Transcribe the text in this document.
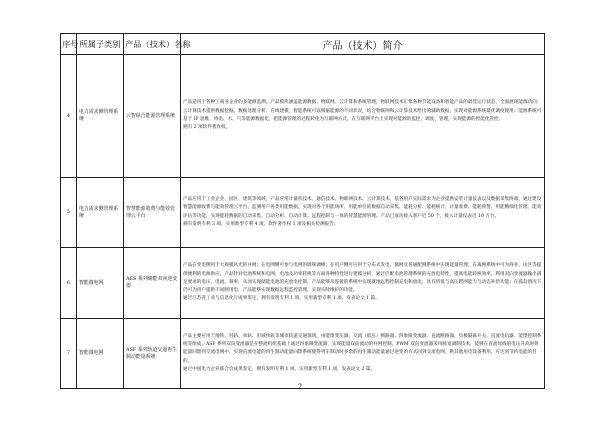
序号	所属子类别	产品（技术）名称	产品（技术）简介
4	电力需求侧管理系统	云智绿合能源管理系统	产品适用于各种工商业企业的多能源监测。产品模块涵盖能源数据、物联网、云计算和系统管理，物联网技术汇集各种节能设备和智能产品的最佳运行状态，全面展现能源动向；云计算技术提供数据挖掘、数据处理分析、在线建模，智能系统可以根据能源的不同状况，结合物联网和云计算技术给出的辅助数据，实现对能源系统最优调度使用；能源系统可基于 IP 思维，将电、水、气等能源数据化，把能源管理的过程转化为互联网方式，在互联网平台上实现对能源的监控、调度、管理，实现能源的智能化管控。
拥有 2 项软件著作权。

5	电力需求侧管理系统	智慧能源收费与能效管理云平台	产品应用于工业企业、园区、建筑等领域，产品应用计量机技术、通信技术、物联网技术、云计算技术，依各用户实际需求为企业提供安装计量仪表以及数据采集终端，通过建设智慧能源收费与能效管理云平台，监测用户各类用能数据，实现对各个用能场所、用能单位的数据自动采集、能耗分析、能耗统计、计量收费、能耗预警、用能精细化管理、能效评估等功能，实现能耗数据的自动采集、自动分析、自动计算。远程控制与一体的智慧能源管理。产品已成功接入客户近 50 个，接入计量仪表近 10 万台。
拥有发明专利 3 项，实用新型专利 4 项，软件著作权 1 项及相关检测报告。

6	智能微电网	AES 系列储能双向逆变器	产品在变电侧用于大规模风光的并网；在电网侧可参与电网的调频调峰；在用户侧可应用于分布式发电、微网及普通配网系统中实现能量管理；在离网系统中可为商业、山区等提供便利的电源供应。产品针对电池系统和电网，电池及功率转换等方面各种特性进行建模分析，通过匹配电池管理系统的充放电特性，提高电能转换效率。利用双向变流器输出满足要求的电压、电流、频率，从而实现储能电池的充放电控制，产品能够从连接的系统中实现就地远程控制充电和放电；具有将低与高压跨网能力与动态补偿功能；在孤岛情况下仍可为用户提供不间断用电，产品能够实现数据远程监控管理，实现实时维护的功能。
通过江苏省工业与信息化厅成果鉴定，拥有发明专利 1 项，实用新型专利 1 项，发表论文 1 篇。

7	智能微电网	ASF 系列轨道交通再生制动能量系统	产品主要应用于地铁、轻轨、单轨、市域快轨等城市轨道交通领域，由能馈变压器、交流（低压）断路器、四象限变流器、直流断路器、负极隔离开关、直流电抗器、能馈控制系统等组成。ASF 系列双向变流器是在整流机组基础上通过四象限变流器，实现能量双向流动的并网控制。PWM 双向变流器采用脉宽调制技术，能够在直流母线的电压升高时将能量回馈到交流电网中，实现直流电能的再生制动能量回馈系统使得列车制动时多余的再生制动能量通过逆变的方式回到交流电网，供其他用电设备利用，可达到节约电能的目的。
通过中国电力企业联合会成果鉴定，拥有发明专利 1 项，实用新型专利 1 项，发表论文 2 篇。
2
